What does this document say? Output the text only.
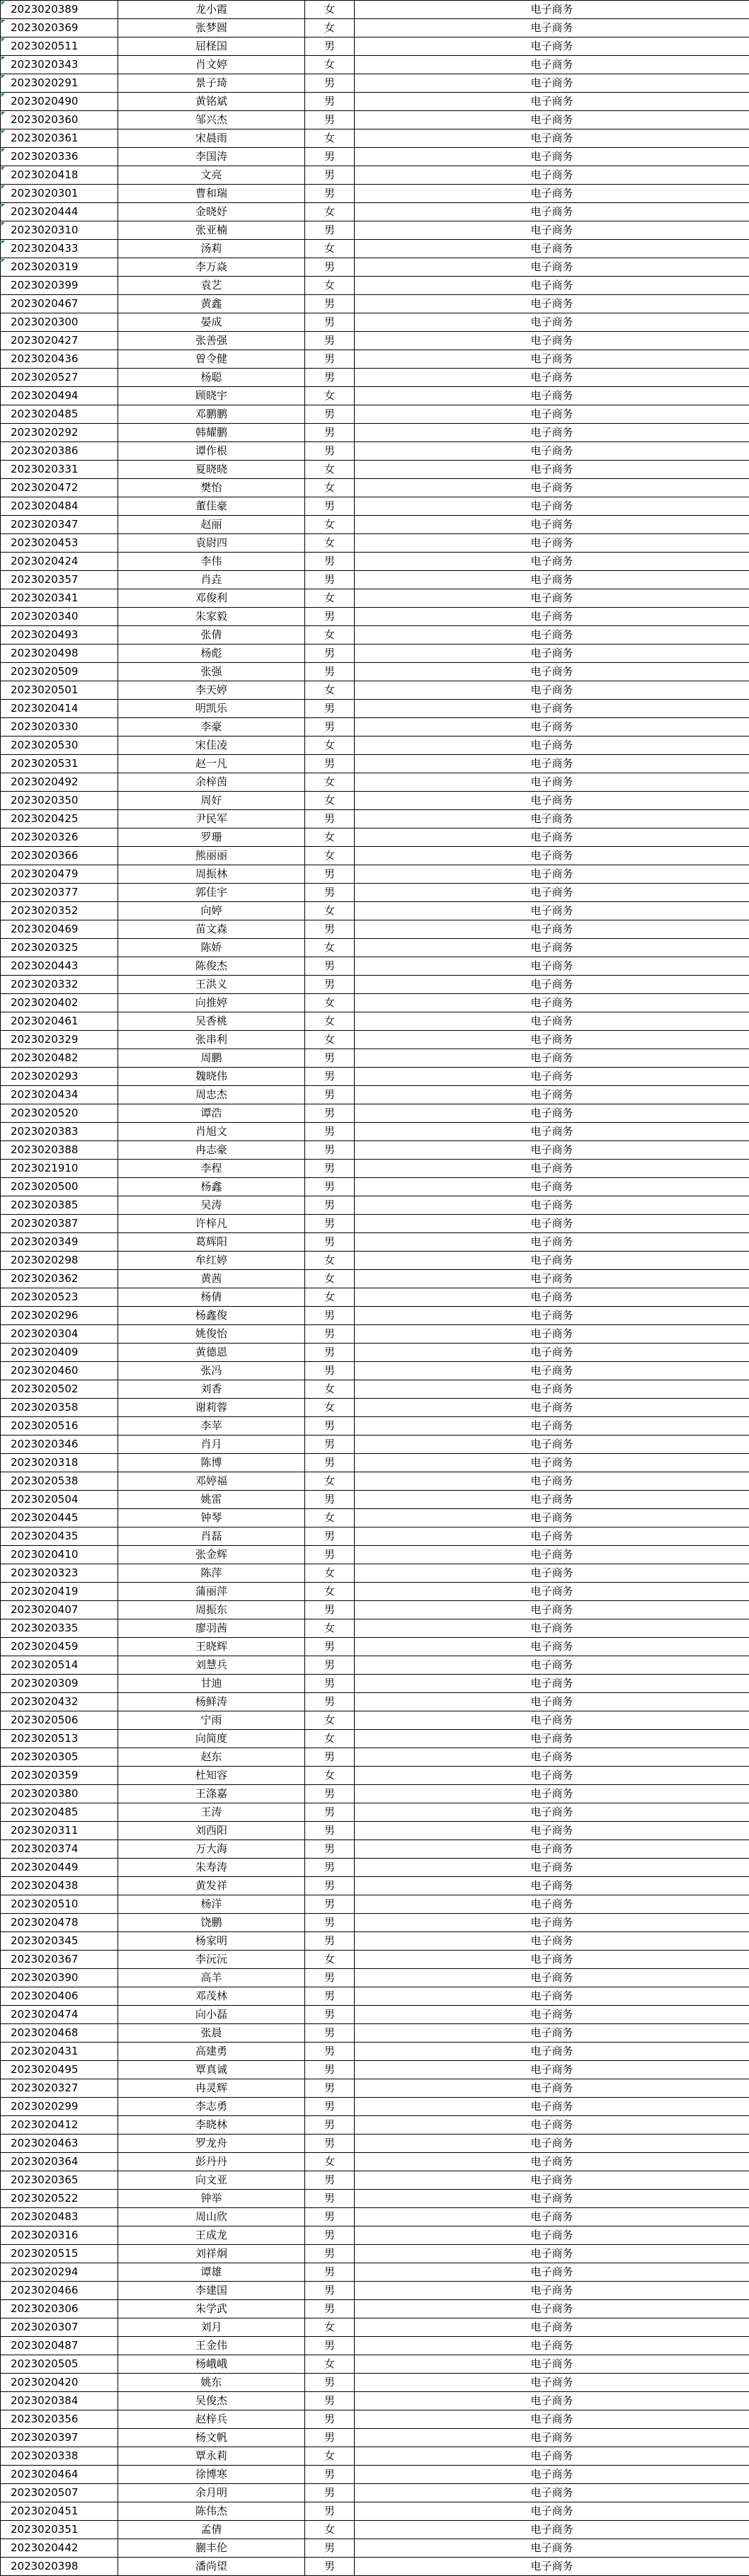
2023020389	龙小霞	女	电子商务
2023020369	张梦圆	女	电子商务
2023020511	屈柽国	男	电子商务
2023020343	肖文婷	女	电子商务
2023020291	景子琦	男	电子商务
2023020490	黄铭斌	男	电子商务
2023020360	邹兴杰	男	电子商务
2023020361	宋晨雨	女	电子商务
2023020336	李国涛	男	电子商务
2023020418	文亮	男	电子商务
2023020301	曹和瑞	男	电子商务
2023020444	金晓妤	女	电子商务
2023020310	张亚楠	男	电子商务
2023020433	汤莉	女	电子商务
2023020319	李万焱	男	电子商务
2023020399	袁艺	女	电子商务
2023020467	黄鑫	男	电子商务
2023020300	晏成	男	电子商务
2023020427	张善强	男	电子商务
2023020436	曾令健	男	电子商务
2023020527	杨聪	男	电子商务
2023020494	顾晓宇	女	电子商务
2023020485	邓鹏鹏	男	电子商务
2023020292	韩耀鹏	男	电子商务
2023020386	谭作根	男	电子商务
2023020331	夏晓晓	女	电子商务
2023020472	樊怡	女	电子商务
2023020484	董佳豪	男	电子商务
2023020347	赵丽	女	电子商务
2023020453	袁尉四	女	电子商务
2023020424	李伟	男	电子商务
2023020357	肖垚	男	电子商务
2023020341	邓俊利	女	电子商务
2023020340	朱家毅	男	电子商务
2023020493	张倩	女	电子商务
2023020498	杨彪	男	电子商务
2023020509	张强	男	电子商务
2023020501	李天婷	女	电子商务
2023020414	明凯乐	男	电子商务
2023020330	李豪	男	电子商务
2023020530	宋佳凌	女	电子商务
2023020531	赵一凡	男	电子商务
2023020492	余梓茵	女	电子商务
2023020350	周好	女	电子商务
2023020425	尹民军	男	电子商务
2023020326	罗珊	女	电子商务
2023020366	熊丽丽	女	电子商务
2023020479	周振林	男	电子商务
2023020377	郭佳宇	男	电子商务
2023020352	向婷	女	电子商务
2023020469	苗文森	男	电子商务
2023020325	陈娇	女	电子商务
2023020443	陈俊杰	男	电子商务
2023020332	王洪义	男	电子商务
2023020402	向推婷	女	电子商务
2023020461	吴香桃	女	电子商务
2023020329	张串利	女	电子商务
2023020482	周鹏	男	电子商务
2023020293	魏晓伟	男	电子商务
2023020434	周忠杰	男	电子商务
2023020520	谭浩	男	电子商务
2023020383	肖旭文	男	电子商务
2023020388	冉志豪	男	电子商务
2023021910	李程	男	电子商务
2023020500	杨鑫	男	电子商务
2023020385	吴涛	男	电子商务
2023020387	许梓凡	男	电子商务
2023020349	葛辉阳	男	电子商务
2023020298	牟红婷	女	电子商务
2023020362	黄茜	女	电子商务
2023020523	杨倩	女	电子商务
2023020296	杨鑫俊	男	电子商务
2023020304	姚俊怡	男	电子商务
2023020409	黄德恩	男	电子商务
2023020460	张冯	男	电子商务
2023020502	刘香	女	电子商务
2023020358	谢莉蓉	女	电子商务
2023020516	李苹	男	电子商务
2023020346	肖月	男	电子商务
2023020318	陈博	男	电子商务
2023020538	邓婷福	女	电子商务
2023020504	姚雷	男	电子商务
2023020445	钟琴	女	电子商务
2023020435	肖磊	男	电子商务
2023020410	张金辉	男	电子商务
2023020323	陈萍	女	电子商务
2023020419	蒲丽萍	女	电子商务
2023020407	周振东	男	电子商务
2023020335	廖羽茜	女	电子商务
2023020459	王晓辉	男	电子商务
2023020514	刘慧兵	男	电子商务
2023020309	甘迪	男	电子商务
2023020432	杨鲜涛	男	电子商务
2023020506	宁雨	女	电子商务
2023020513	向简度	女	电子商务
2023020305	赵东	男	电子商务
2023020359	杜知容	女	电子商务
2023020380	王涤嘉	男	电子商务
2023020485	王涛	男	电子商务
2023020311	刘西阳	男	电子商务
2023020374	万大海	男	电子商务
2023020449	朱寿涛	男	电子商务
2023020438	黄发祥	男	电子商务
2023020510	杨洋	男	电子商务
2023020478	饶鹏	男	电子商务
2023020345	杨家明	男	电子商务
2023020367	李沅沅	女	电子商务
2023020390	高羊	男	电子商务
2023020406	邓茂林	男	电子商务
2023020474	向小磊	男	电子商务
2023020468	张晨	男	电子商务
2023020431	高建勇	男	电子商务
2023020495	覃真诚	男	电子商务
2023020327	冉灵辉	男	电子商务
2023020299	李志勇	男	电子商务
2023020412	李晓林	男	电子商务
2023020463	罗龙舟	男	电子商务
2023020364	彭丹丹	女	电子商务
2023020365	向文亚	男	电子商务
2023020522	钟举	男	电子商务
2023020483	周山欣	男	电子商务
2023020316	王成龙	男	电子商务
2023020515	刘祥炯	男	电子商务
2023020294	谭雄	男	电子商务
2023020466	李建国	男	电子商务
2023020306	朱学武	男	电子商务
2023020307	刘月	女	电子商务
2023020487	王金伟	男	电子商务
2023020505	杨峨峨	女	电子商务
2023020420	姚东	男	电子商务
2023020384	吴俊杰	男	电子商务
2023020356	赵梓兵	男	电子商务
2023020397	杨文帆	男	电子商务
2023020338	覃永莉	女	电子商务
2023020464	徐博寒	男	电子商务
2023020507	余月明	男	电子商务
2023020451	陈伟杰	男	电子商务
2023020351	孟倩	女	电子商务
2023020442	蒯丰伦	男	电子商务
2023020398	潘尚望	男	电子商务
